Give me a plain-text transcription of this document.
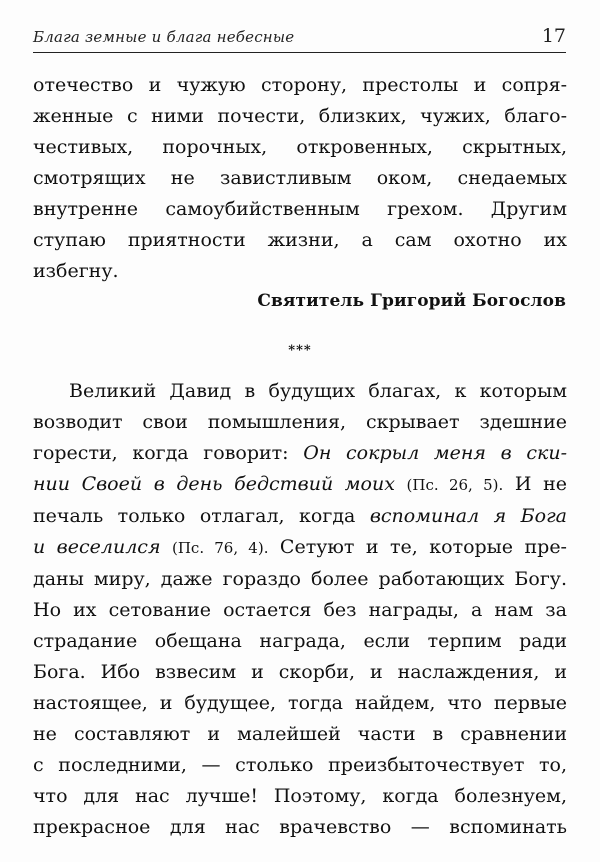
Блага земные и блага небесные	17
отечество и чужую сторону, престолы и сопря-
женные с ними почести, близких, чужих, благо-
честивых, порочных, откровенных, скрытных,
смотрящих не завистливым оком, снедаемых
внутренне самоубийственным грехом. Другим
ступаю приятности жизни, а сам охотно их
избегну.
Святитель Григорий Богослов
***
Великий Давид в будущих благах, к которым
возводит свои помышления, скрывает здешние
горести, когда говорит: Он сокрыл меня в ски-
нии Своей в день бедствий моих (Пс. 26, 5). И не
печаль только отлагал, когда вспоминал я Бога
и веселился (Пс. 76, 4). Сетуют и те, которые пре-
даны миру, даже гораздо более работающих Богу.
Но их сетование остается без награды, а нам за
страдание обещана награда, если терпим ради
Бога. Ибо взвесим и скорби, и наслаждения, и
настоящее, и будущее, тогда найдем, что первые
не составляют и малейшей части в сравнении
с последними, — столько преизбыточествует то,
что для нас лучше! Поэтому, когда болезнуем,
прекрасное для нас врачевство — вспоминать
